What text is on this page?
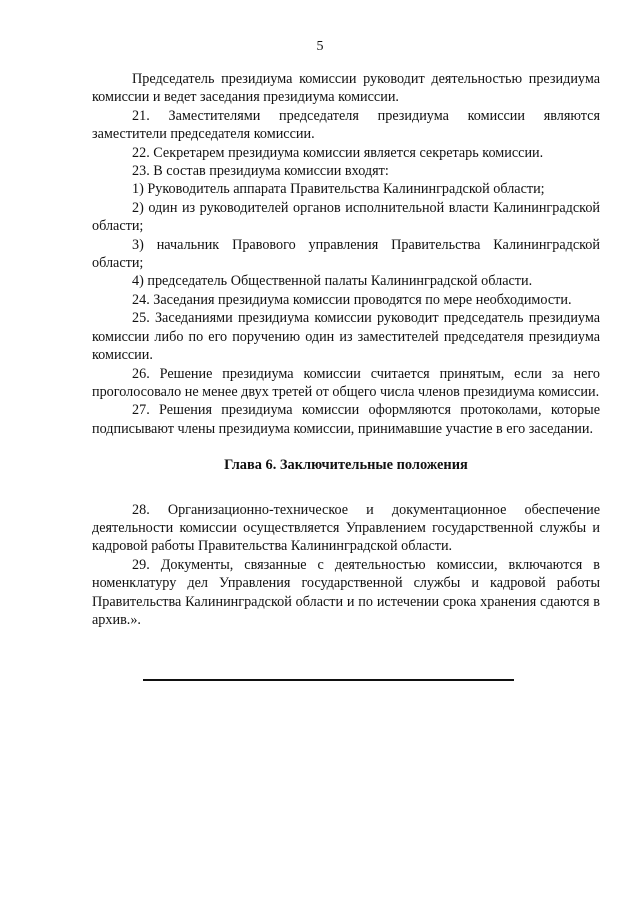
5

Председатель президиума комиссии руководит деятельностью президиума комиссии и ведет заседания президиума комиссии.

21. Заместителями председателя президиума комиссии являются заместители председателя комиссии.

22. Секретарем президиума комиссии является секретарь комиссии.

23. В состав президиума комиссии входят:

1) Руководитель аппарата Правительства Калининградской области;

2) один из руководителей органов исполнительной власти Калининградской области;

3) начальник Правового управления Правительства Калининградской области;

4) председатель Общественной палаты Калининградской области.

24. Заседания президиума комиссии проводятся по мере необходимости.

25. Заседаниями президиума комиссии руководит председатель президиума комиссии либо по его поручению один из заместителей председателя президиума комиссии.

26. Решение президиума комиссии считается принятым, если за него проголосовало не менее двух третей от общего числа членов президиума комиссии.

27. Решения президиума комиссии оформляются протоколами, которые подписывают члены президиума комиссии, принимавшие участие в его заседании.

Глава 6. Заключительные положения

28. Организационно-техническое и документационное обеспечение деятельности комиссии осуществляется Управлением государственной службы и кадровой работы Правительства Калининградской области.

29. Документы, связанные с деятельностью комиссии, включаются в номенклатуру дел Управления государственной службы и кадровой работы Правительства Калининградской области и по истечении срока хранения сдаются в архив.».
